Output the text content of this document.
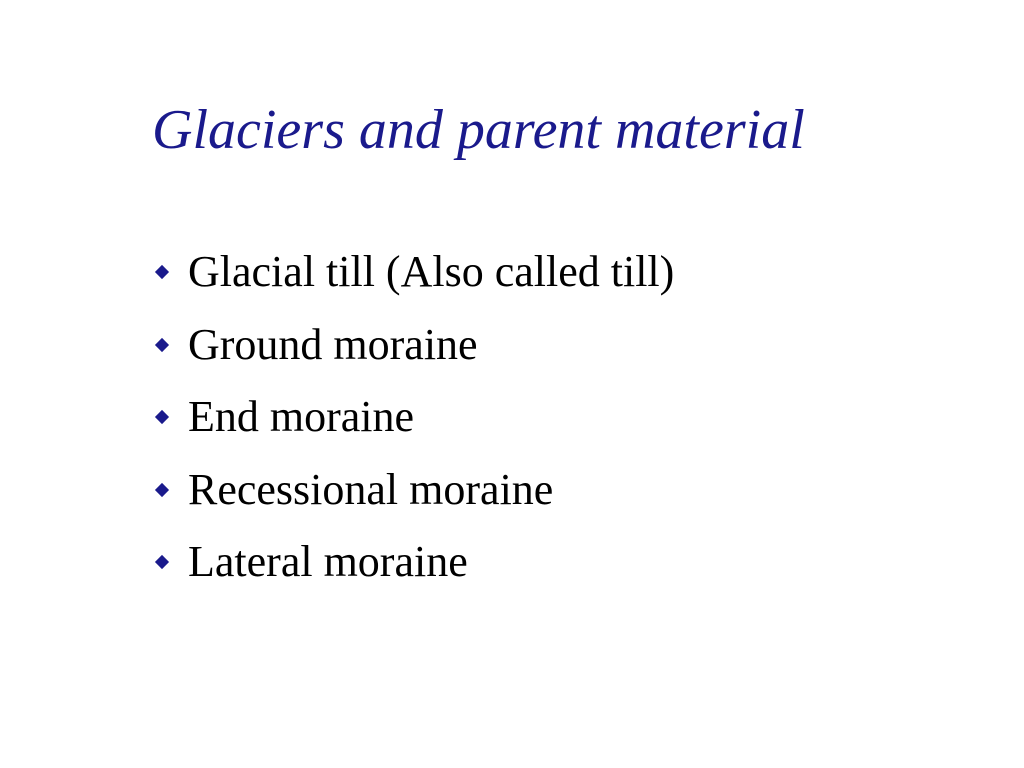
Glaciers and parent material
Glacial till (Also called till)
Ground moraine
End moraine
Recessional moraine
Lateral moraine
